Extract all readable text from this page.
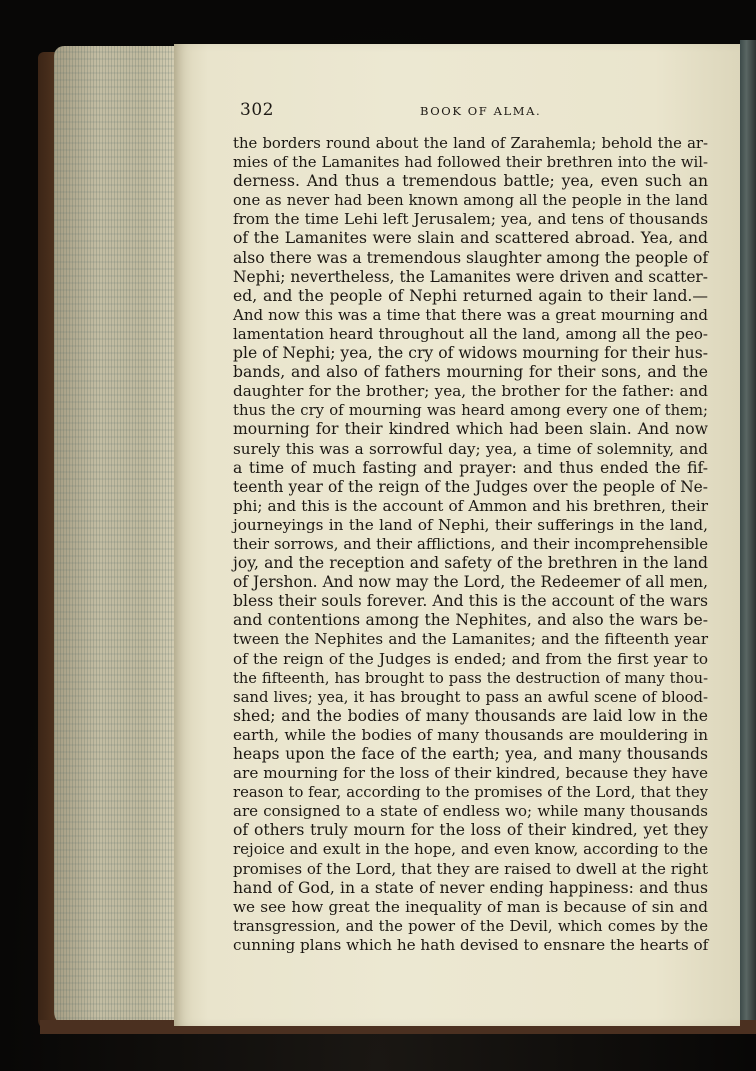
302	BOOK OF ALMA.
the borders round about the land of Zarahemla; behold the ar-
mies of the Lamanites had followed their brethren into the wil-
derness. And thus a tremendous battle; yea, even such an
one as never had been known among all the people in the land
from the time Lehi left Jerusalem; yea, and tens of thousands
of the Lamanites were slain and scattered abroad. Yea, and
also there was a tremendous slaughter among the people of
Nephi; nevertheless, the Lamanites were driven and scatter-
ed, and the people of Nephi returned again to their land.—
And now this was a time that there was a great mourning and
lamentation heard throughout all the land, among all the peo-
ple of Nephi; yea, the cry of widows mourning for their hus-
bands, and also of fathers mourning for their sons, and the
daughter for the brother; yea, the brother for the father: and
thus the cry of mourning was heard among every one of them;
mourning for their kindred which had been slain. And now
surely this was a sorrowful day; yea, a time of solemnity, and
a time of much fasting and prayer: and thus ended the fif-
teenth year of the reign of the Judges over the people of Ne-
phi; and this is the account of Ammon and his brethren, their
journeyings in the land of Nephi, their sufferings in the land,
their sorrows, and their afflictions, and their incomprehensible
joy, and the reception and safety of the brethren in the land
of Jershon. And now may the Lord, the Redeemer of all men,
bless their souls forever. And this is the account of the wars
and contentions among the Nephites, and also the wars be-
tween the Nephites and the Lamanites; and the fifteenth year
of the reign of the Judges is ended; and from the first year to
the fifteenth, has brought to pass the destruction of many thou-
sand lives; yea, it has brought to pass an awful scene of blood-
shed; and the bodies of many thousands are laid low in the
earth, while the bodies of many thousands are mouldering in
heaps upon the face of the earth; yea, and many thousands
are mourning for the loss of their kindred, because they have
reason to fear, according to the promises of the Lord, that they
are consigned to a state of endless wo; while many thousands
of others truly mourn for the loss of their kindred, yet they
rejoice and exult in the hope, and even know, according to the
promises of the Lord, that they are raised to dwell at the right
hand of God, in a state of never ending happiness: and thus
we see how great the inequality of man is because of sin and
transgression, and the power of the Devil, which comes by the
cunning plans which he hath devised to ensnare the hearts of
